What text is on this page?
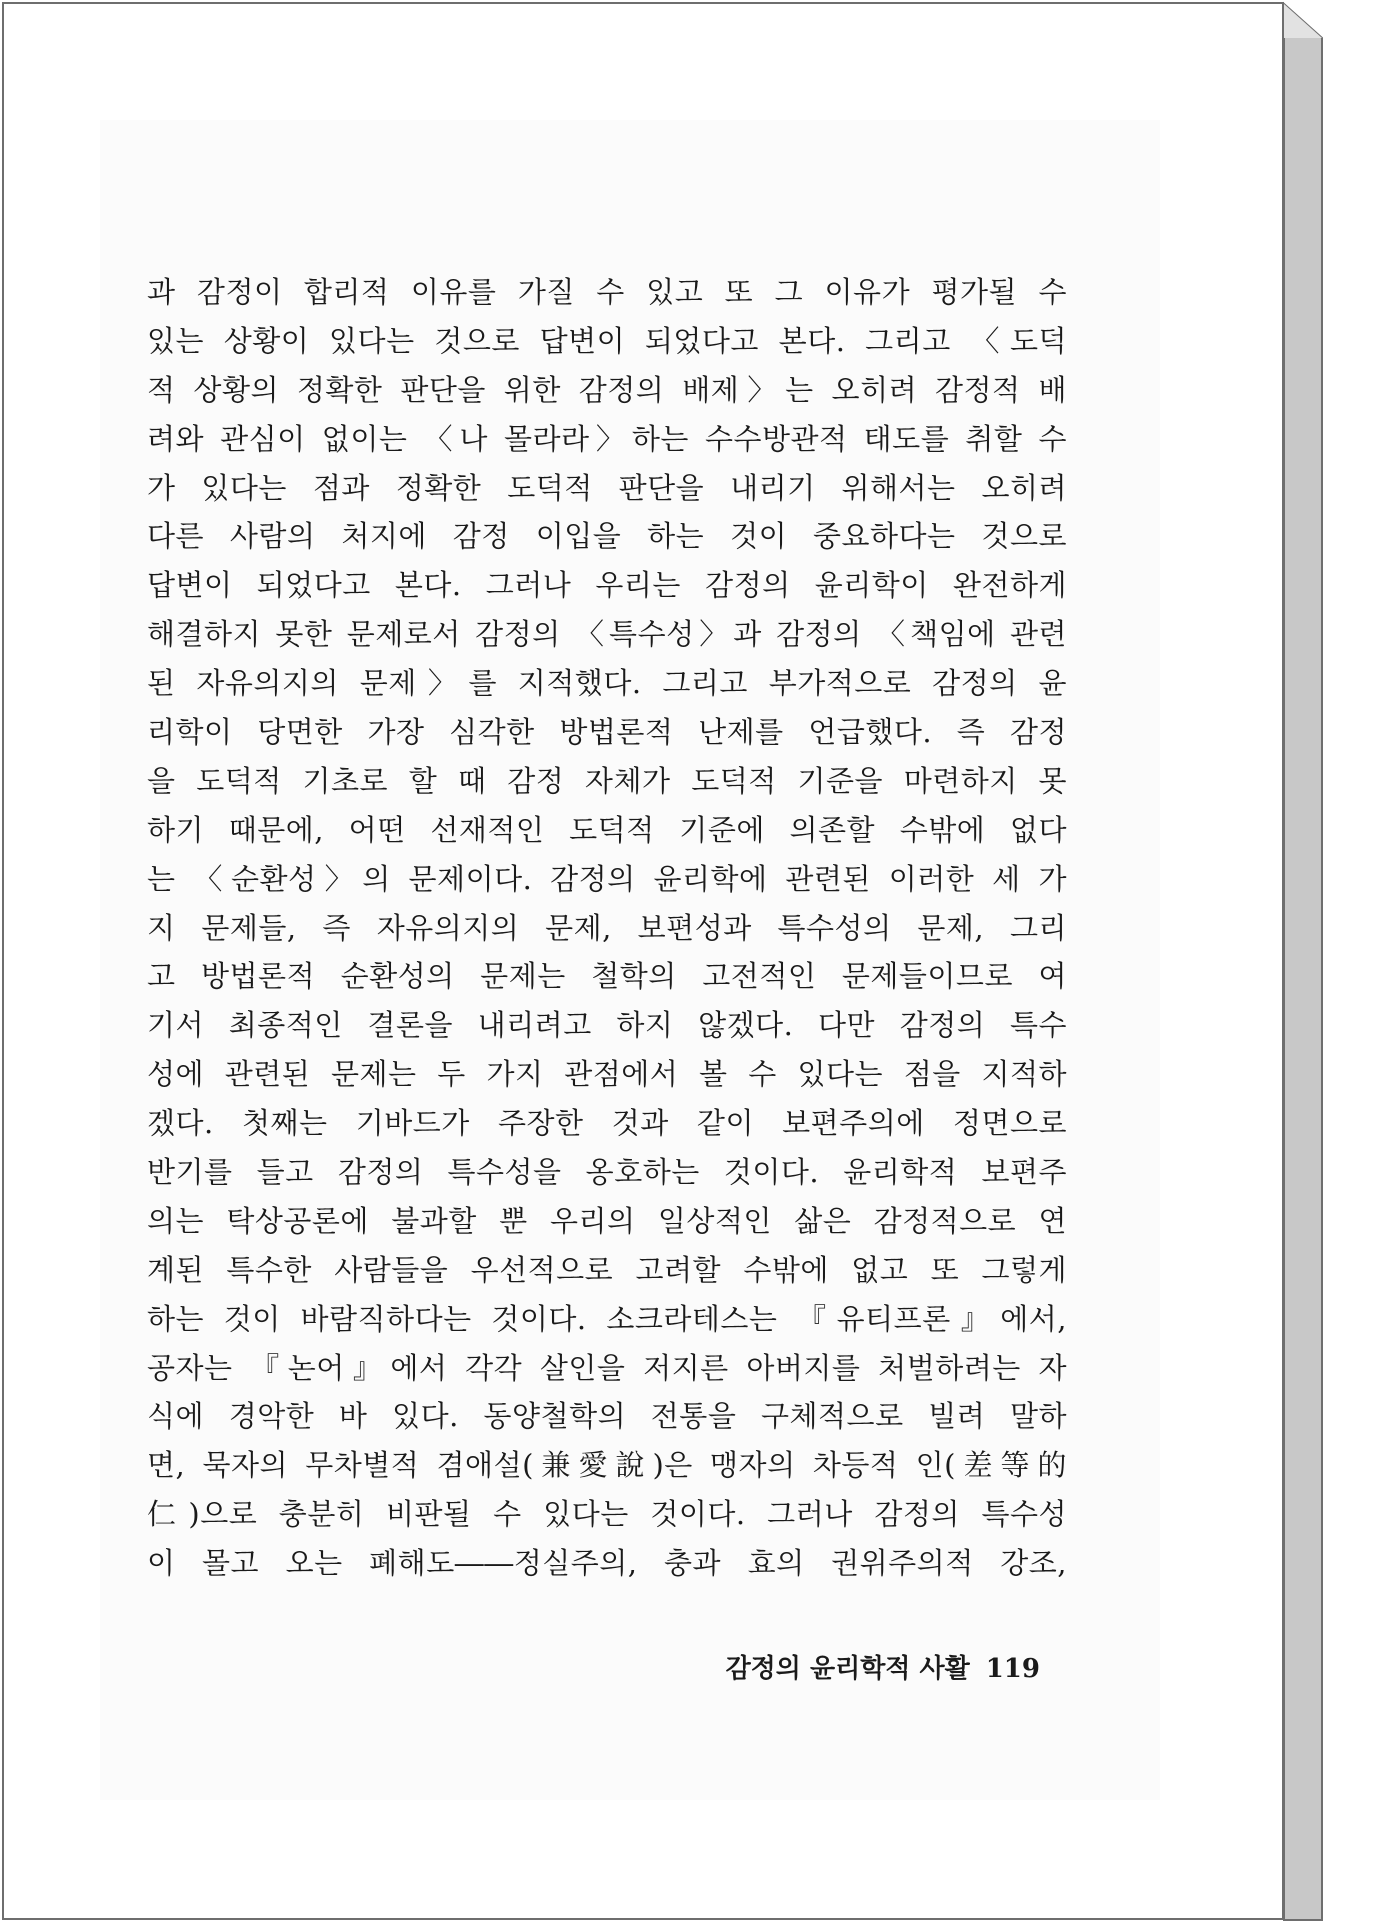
과 감정이 합리적 이유를 가질 수 있고 또 그 이유가 평가될 수
있는 상황이 있다는 것으로 답변이 되었다고 본다. 그리고 〈도덕
적 상황의 정확한 판단을 위한 감정의 배제〉는 오히려 감정적 배
려와 관심이 없이는 〈나 몰라라〉하는 수수방관적 태도를 취할 수
가 있다는 점과 정확한 도덕적 판단을 내리기 위해서는 오히려
다른 사람의 처지에 감정 이입을 하는 것이 중요하다는 것으로
답변이 되었다고 본다. 그러나 우리는 감정의 윤리학이 완전하게
해결하지 못한 문제로서 감정의 〈특수성〉과 감정의 〈책임에 관련
된 자유의지의 문제〉를 지적했다. 그리고 부가적으로 감정의 윤
리학이 당면한 가장 심각한 방법론적 난제를 언급했다. 즉 감정
을 도덕적 기초로 할 때 감정 자체가 도덕적 기준을 마련하지 못
하기 때문에, 어떤 선재적인 도덕적 기준에 의존할 수밖에 없다
는 〈순환성〉의 문제이다. 감정의 윤리학에 관련된 이러한 세 가
지 문제들, 즉 자유의지의 문제, 보편성과 특수성의 문제, 그리
고 방법론적 순환성의 문제는 철학의 고전적인 문제들이므로 여
기서 최종적인 결론을 내리려고 하지 않겠다. 다만 감정의 특수
성에 관련된 문제는 두 가지 관점에서 볼 수 있다는 점을 지적하
겠다. 첫째는 기바드가 주장한 것과 같이 보편주의에 정면으로
반기를 들고 감정의 특수성을 옹호하는 것이다. 윤리학적 보편주
의는 탁상공론에 불과할 뿐 우리의 일상적인 삶은 감정적으로 연
계된 특수한 사람들을 우선적으로 고려할 수밖에 없고 또 그렇게
하는 것이 바람직하다는 것이다. 소크라테스는 『유티프론』에서,
공자는 『논어』에서 각각 살인을 저지른 아버지를 처벌하려는 자
식에 경악한 바 있다. 동양철학의 전통을 구체적으로 빌려 말하
면, 묵자의 무차별적 겸애설(兼愛說)은 맹자의 차등적 인(差等的
仁)으로 충분히 비판될 수 있다는 것이다. 그러나 감정의 특수성
이 몰고 오는 폐해도――정실주의, 충과 효의 권위주의적 강조,
감정의 윤리학적 사활 119
